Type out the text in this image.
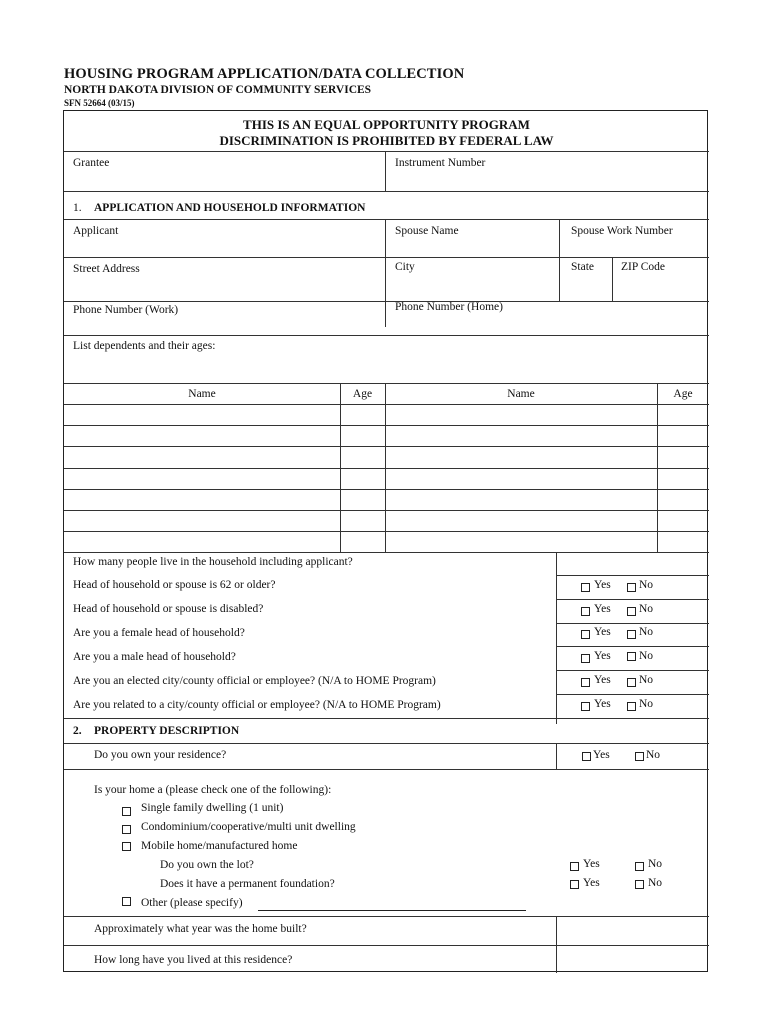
HOUSING PROGRAM APPLICATION/DATA COLLECTION
NORTH DAKOTA DIVISION OF COMMUNITY SERVICES
SFN 52664 (03/15)
THIS IS AN EQUAL OPPORTUNITY PROGRAM
DISCRIMINATION IS PROHIBITED BY FEDERAL LAW
Grantee	Instrument Number
1. APPLICATION AND HOUSEHOLD INFORMATION
Applicant	Spouse Name	Spouse Work Number
Street Address	City	State ZIP Code
Phone Number (Work)	Phone Number (Home)
List dependents and their ages:
Name	Age	Name	Age
How many people live in the household including applicant?
Head of household or spouse is 62 or older?	Yes No
Head of household or spouse is disabled?	Yes No
Are you a female head of household?	Yes No
Are you a male head of household?	Yes No
Are you an elected city/county official or employee? (N/A to HOME Program)	Yes No
Are you related to a city/county official or employee? (N/A to HOME Program)	Yes No
2. PROPERTY DESCRIPTION
Do you own your residence?	Yes	No
Is your home a (please check one of the following):
Single family dwelling (1 unit)
Condominium/cooperative/multi unit dwelling
Mobile home/manufactured home
Do you own the lot?	Yes	No
Does it have a permanent foundation?	Yes	No
Other (please specify)
Approximately what year was the home built?
How long have you lived at this residence?
